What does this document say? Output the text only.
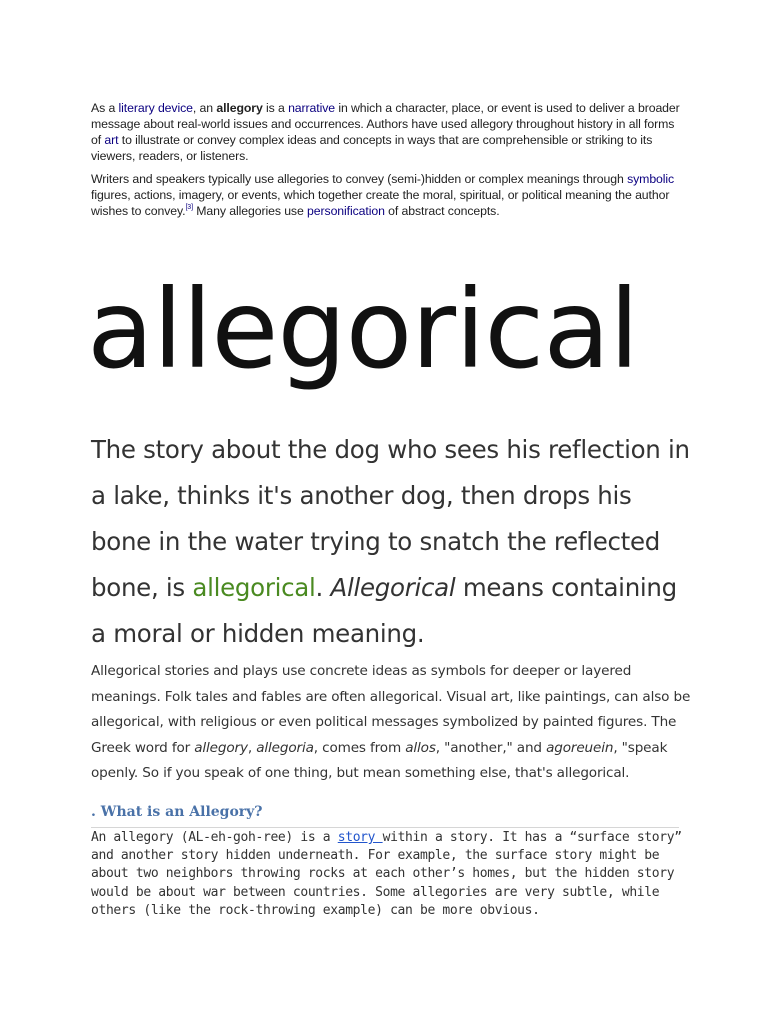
As a literary device, an allegory is a narrative in which a character, place, or event is used to deliver a broader message about real-world issues and occurrences. Authors have used allegory throughout history in all forms of art to illustrate or convey complex ideas and concepts in ways that are comprehensible or striking to its viewers, readers, or listeners.

Writers and speakers typically use allegories to convey (semi-)hidden or complex meanings through symbolic figures, actions, imagery, or events, which together create the moral, spiritual, or political meaning the author wishes to convey.[3] Many allegories use personification of abstract concepts.

allegorical
The story about the dog who sees his reflection in a lake, thinks it's another dog, then drops his bone in the water trying to snatch the reflected bone, is allegorical. Allegorical means containing a moral or hidden meaning.
Allegorical stories and plays use concrete ideas as symbols for deeper or layered meanings. Folk tales and fables are often allegorical. Visual art, like paintings, can also be allegorical, with religious or even political messages symbolized by painted figures. The Greek word for allegory, allegoria, comes from allos, "another," and agoreuein, "speak openly. So if you speak of one thing, but mean something else, that's allegorical.
. What is an Allegory?
An allegory (AL-eh-goh-ree) is a story within a story. It has a “surface story” and another story hidden underneath. For example, the surface story might be about two neighbors throwing rocks at each other’s homes, but the hidden story would be about war between countries. Some allegories are very subtle, while others (like the rock-throwing example) can be more obvious.
